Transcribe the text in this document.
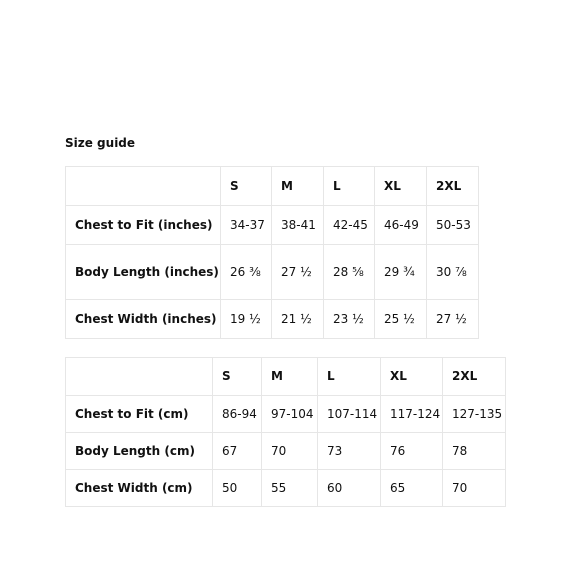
Size guide
	S	M	L	XL	2XL
Chest to Fit (inches)	34-37	38-41	42-45	46-49	50-53
Body Length (inches)	26 ⅜	27 ½	28 ⅝	29 ¾	30 ⅞
Chest Width (inches)	19 ½	21 ½	23 ½	25 ½	27 ½
	S	M	L	XL	2XL
Chest to Fit (cm)	86-94	97-104	107-114	117-124	127-135
Body Length (cm)	67	70	73	76	78
Chest Width (cm)	50	55	60	65	70
